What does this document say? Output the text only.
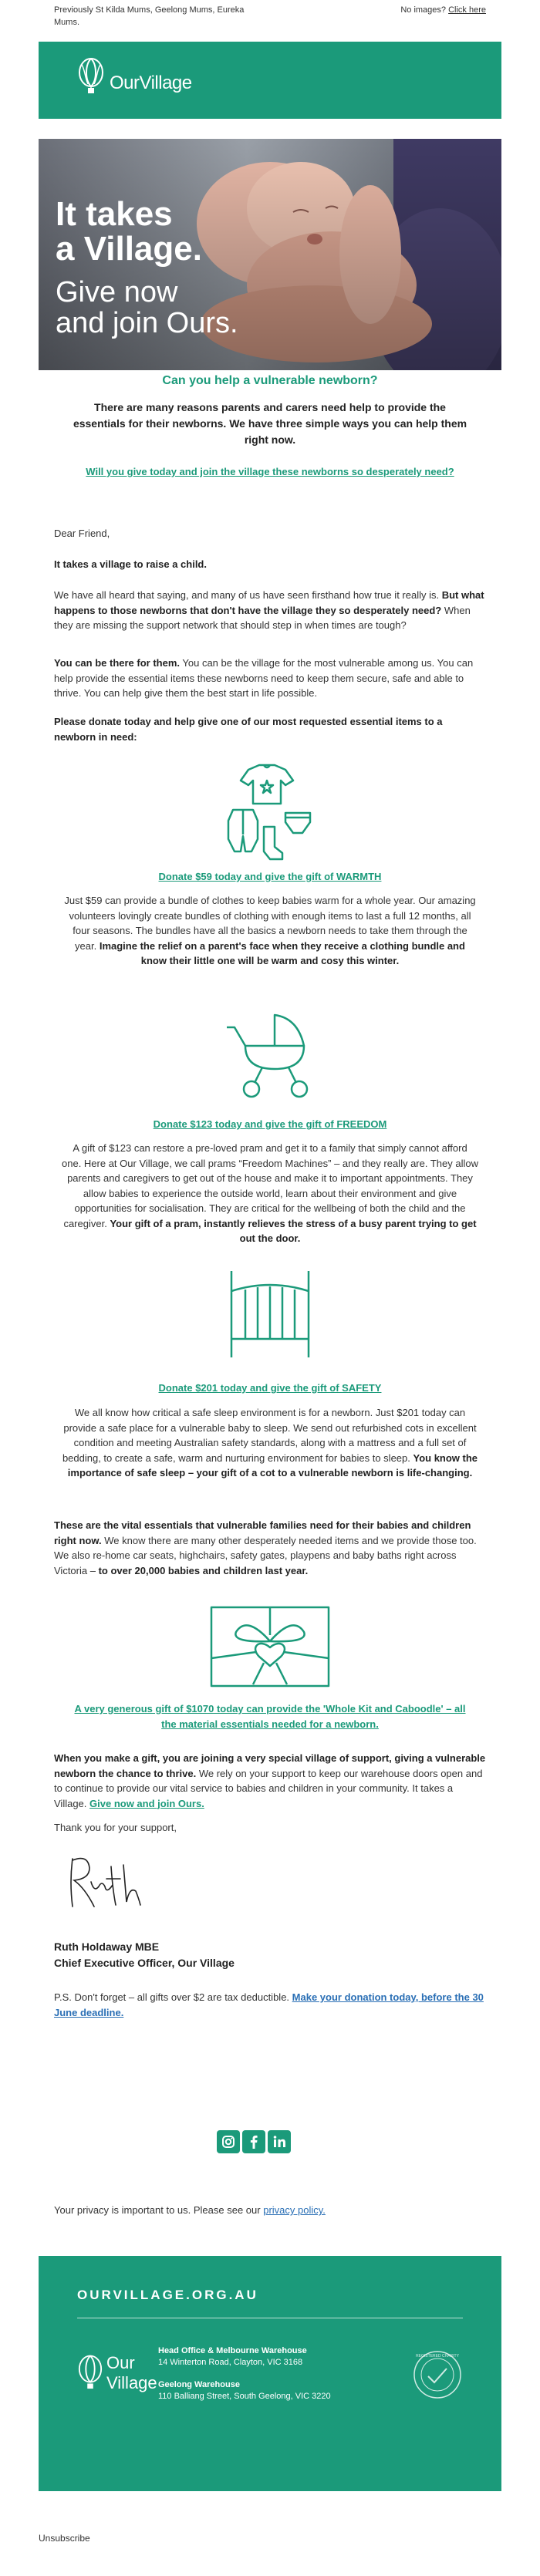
Previously St Kilda Mums, Geelong Mums, Eureka Mums.
No images? Click here
OurVillage
It takes
a Village.
Give now
and join Ours.
Can you help a vulnerable newborn?
There are many reasons parents and carers need help to provide the essentials for their newborns. We have three simple ways you can help them right now.
Will you give today and join the village these newborns so desperately need?
Dear Friend,
It takes a village to raise a child.
We have all heard that saying, and many of us have seen firsthand how true it really is. But what happens to those newborns that don't have the village they so desperately need? When they are missing the support network that should step in when times are tough?
You can be there for them. You can be the village for the most vulnerable among us. You can help provide the essential items these newborns need to keep them secure, safe and able to thrive. You can help give them the best start in life possible.
Please donate today and help give one of our most requested essential items to a newborn in need:
Donate $59 today and give the gift of WARMTH
Just $59 can provide a bundle of clothes to keep babies warm for a whole year. Our amazing volunteers lovingly create bundles of clothing with enough items to last a full 12 months, all four seasons. The bundles have all the basics a newborn needs to take them through the year. Imagine the relief on a parent's face when they receive a clothing bundle and know their little one will be warm and cosy this winter.
Donate $123 today and give the gift of FREEDOM
A gift of $123 can restore a pre-loved pram and get it to a family that simply cannot afford one. Here at Our Village, we call prams “Freedom Machines” – and they really are. They allow parents and caregivers to get out of the house and make it to important appointments. They allow babies to experience the outside world, learn about their environment and give opportunities for socialisation. They are critical for the wellbeing of both the child and the caregiver. Your gift of a pram, instantly relieves the stress of a busy parent trying to get out the door.
Donate $201 today and give the gift of SAFETY
We all know how critical a safe sleep environment is for a newborn. Just $201 today can provide a safe place for a vulnerable baby to sleep. We send out refurbished cots in excellent condition and meeting Australian safety standards, along with a mattress and a full set of bedding, to create a safe, warm and nurturing environment for babies to sleep. You know the importance of safe sleep – your gift of a cot to a vulnerable newborn is life-changing.
These are the vital essentials that vulnerable families need for their babies and children right now. We know there are many other desperately needed items and we provide those too. We also re-home car seats, highchairs, safety gates, playpens and baby baths right across Victoria – to over 20,000 babies and children last year.
A very generous gift of $1070 today can provide the 'Whole Kit and Caboodle' – all the material essentials needed for a newborn.
When you make a gift, you are joining a very special village of support, giving a vulnerable newborn the chance to thrive. We rely on your support to keep our warehouse doors open and to continue to provide our vital service to babies and children in your community. It takes a Village. Give now and join Ours.
Thank you for your support,
Ruth Holdaway MBE
Chief Executive Officer, Our Village
P.S. Don't forget – all gifts over $2 are tax deductible. Make your donation today, before the 30 June deadline.
Your privacy is important to us. Please see our privacy policy.
OURVILLAGE.ORG.AU
Our
Village
Head Office & Melbourne Warehouse
14 Winterton Road, Clayton, VIC 3168
Geelong Warehouse
110 Balliang Street, South Geelong, VIC 3220
REGISTERED CHARITY
Unsubscribe
